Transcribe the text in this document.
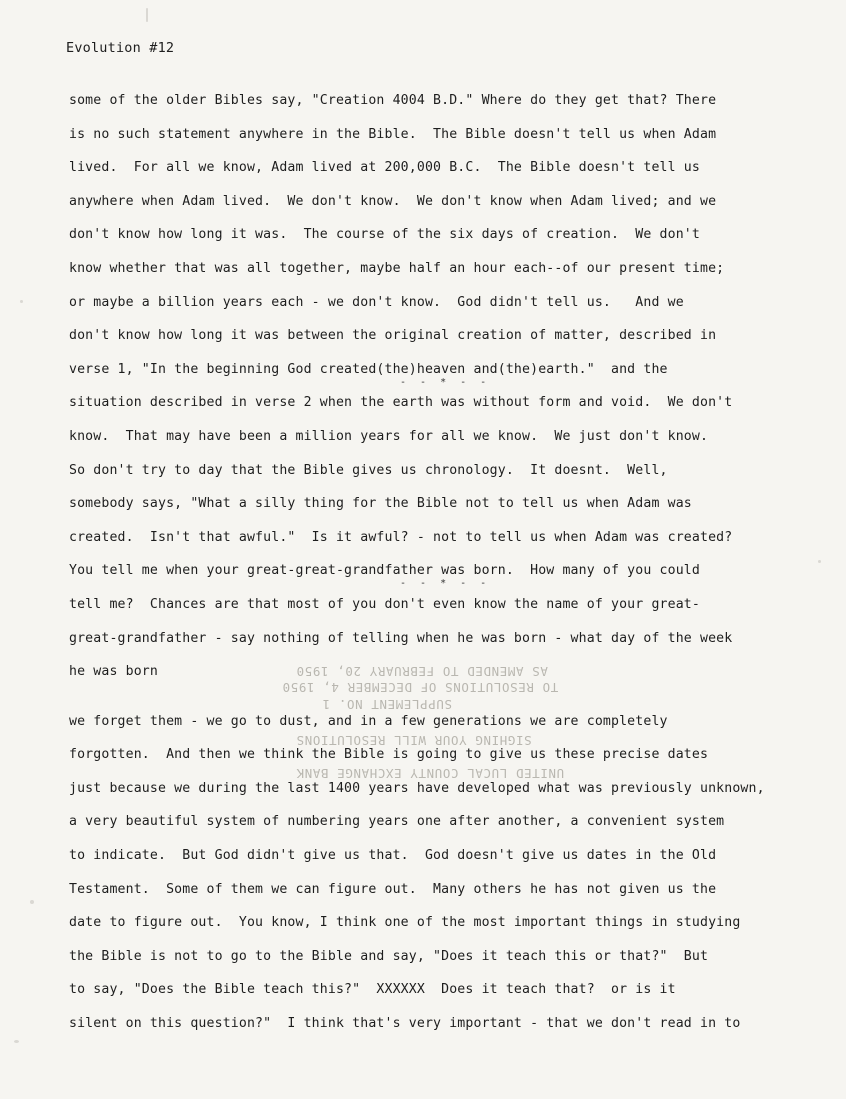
Evolution #12
AS AMENDED TO FEBRUARY 20, 1950
TO RESOLUTIONS OF DECEMBER 4, 1950
SUPPLEMENT NO. 1
SIGHING YOUR WILL RESOLUTIONS
UNITED LUCAL COUNTY EXCHANGE BANK
- - * - -
- - * - -
some of the older Bibles say, "Creation 4004 B.D." Where do they get that? There
is no such statement anywhere in the Bible.  The Bible doesn't tell us when Adam
lived.  For all we know, Adam lived at 200,000 B.C.  The Bible doesn't tell us
anywhere when Adam lived.  We don't know.  We don't know when Adam lived; and we
don't know how long it was.  The course of the six days of creation.  We don't
know whether that was all together, maybe half an hour each--of our present time;
or maybe a billion years each - we don't know.  God didn't tell us.   And we
don't know how long it was between the original creation of matter, described in
verse 1, "In the beginning God created(the)heaven and(the)earth."  and the
situation described in verse 2 when the earth was without form and void.  We don't
know.  That may have been a million years for all we know.  We just don't know.
So don't try to day that the Bible gives us chronology.  It doesnt.  Well,
somebody says, "What a silly thing for the Bible not to tell us when Adam was
created.  Isn't that awful."  Is it awful? - not to tell us when Adam was created?
You tell me when your great-great-grandfather was born.  How many of you could
tell me?  Chances are that most of you don't even know the name of your great-
great-grandfather - say nothing of telling when he was born - what day of the week
he was born
we forget them - we go to dust, and in a few generations we are completely
forgotten.  And then we think the Bible is going to give us these precise dates
just because we during the last 1400 years have developed what was previously unknown,
a very beautiful system of numbering years one after another, a convenient system
to indicate.  But God didn't give us that.  God doesn't give us dates in the Old
Testament.  Some of them we can figure out.  Many others he has not given us the
date to figure out.  You know, I think one of the most important things in studying
the Bible is not to go to the Bible and say, "Does it teach this or that?"  But
to say, "Does the Bible teach this?"  XXXXXX  Does it teach that?  or is it
silent on this question?"  I think that's very important - that we don't read in to
